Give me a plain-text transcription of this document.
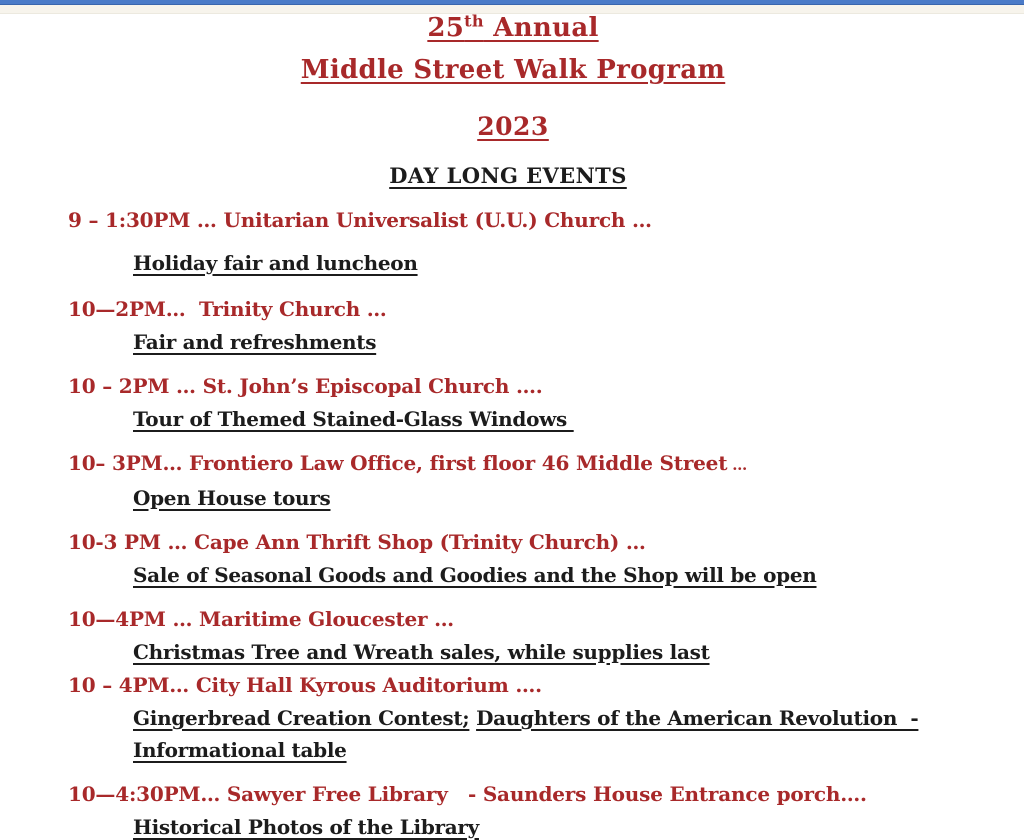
25th Annual
Middle Street Walk Program
2023
DAY LONG EVENTS

9 – 1:30PM … Unitarian Universalist (U.U.) Church …

Holiday fair and luncheon

10—2PM…  Trinity Church …

Fair and refreshments

10 – 2PM … St. John’s Episcopal Church ….

Tour of Themed Stained-Glass Windows

10– 3PM… Frontiero Law Office, first floor 46 Middle Street …

Open House tours

10-3 PM … Cape Ann Thrift Shop (Trinity Church) …

Sale of Seasonal Goods and Goodies and the Shop will be open

10—4PM … Maritime Gloucester …

Christmas Tree and Wreath sales, while supplies last

10 – 4PM… City Hall Kyrous Auditorium ….

Gingerbread Creation Contest; Daughters of the American Revolution  -

Informational table

10—4:30PM… Sawyer Free Library   - Saunders House Entrance porch….

Historical Photos of the Library
